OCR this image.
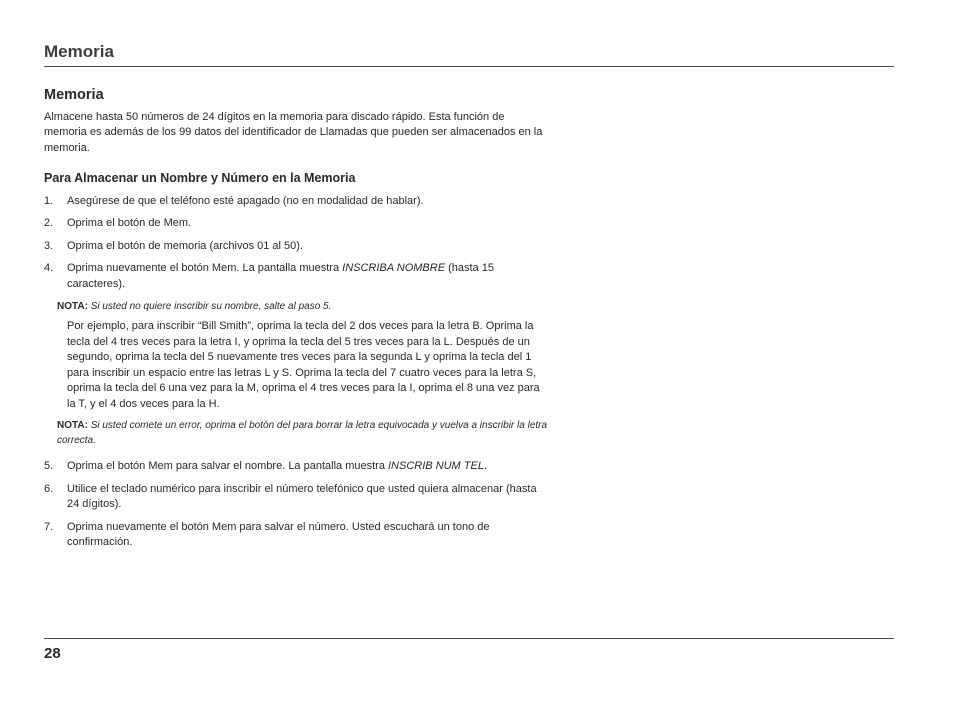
Memoria
Memoria

Almacene hasta 50 números de 24 dígitos en la memoria para discado rápido. Esta función de memoria es además de los 99 datos del identificador de Llamadas que pueden ser almacenados en la memoria.

Para Almacenar un Nombre y Número en la Memoria
1. Asegúrese de que el teléfono esté apagado (no en modalidad de hablar).
2. Oprima el botón de Mem.
3. Oprima el botón de memoria (archivos 01 al 50).
4. Oprima nuevamente el botón Mem. La pantalla muestra INSCRIBA NOMBRE (hasta 15 caracteres).
NOTA: Si usted no quiere inscribir su nombre, salte al paso 5.

Por ejemplo, para inscribir “Bill Smith”, oprima la tecla del 2 dos veces para la letra B. Oprima la tecla del 4 tres veces para la letra I, y oprima la tecla del 5 tres veces para la L. Después de un segundo, oprima la tecla del 5 nuevamente tres veces para la segunda L y oprima la tecla del 1 para inscribir un espacio entre las letras L y S. Oprima la tecla del 7 cuatro veces para la letra S, oprima la tecla del 6 una vez para la M, oprima el 4 tres veces para la I, oprima el 8 una vez para la T, y el 4 dos veces para la H.

NOTA: Si usted comete un error, oprima el botón del para borrar la letra equivocada y vuelva a inscribir la letra correcta.
5. Oprima el botón Mem para salvar el nombre. La pantalla muestra INSCRIB NUM TEL.
6. Utilice el teclado numérico para inscribir el número telefónico que usted quiera almacenar (hasta 24 dígitos).
7. Oprima nuevamente el botón Mem para salvar el número. Usted escuchará un tono de confirmación.
28
